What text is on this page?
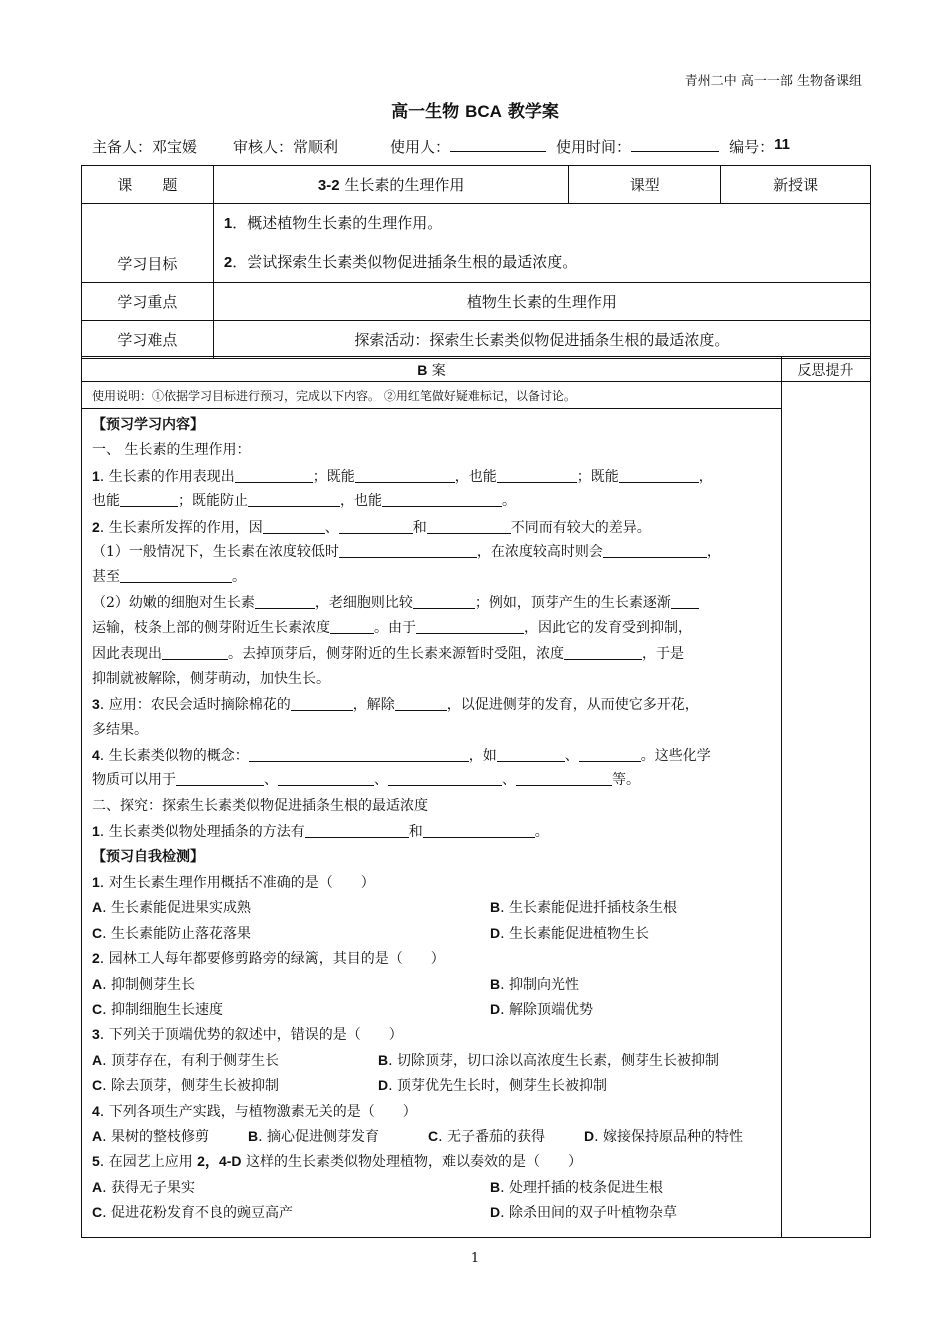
青州二中 高一一部 生物备课组
高一生物 BCA 教学案
主备人：邓宝媛 审核人：常顺利	使用人：	使用时间：	编号： 11
课　　题	3-2 生长素的生理作用	课型	新授课
学习目标	1．概述植物生长素的生理作用。
2．尝试探索生长素类似物促进插条生根的最适浓度。		

学习重点	植物生长素的生理作用		
学习难点	探索活动：探索生长素类似物促进插条生根的最适浓度。		
B 案	反思提升
使用说明：①依据学习目标进行预习，完成以下内容。 ②用红笔做好疑难标记，以备讨论。
【预习学习内容】
一、 生长素的生理作用：
1. 生长素的作用表现出	；既能	，也能	；既能	，
也能	；既能防止	，也能	。
2. 生长素所发挥的作用，因	、	和	不同而有较大的差异。
（1）一般情况下，生长素在浓度较低时	，在浓度较高时则会	，
甚至	。
（2）幼嫩的细胞对生长素	，老细胞则比较	；例如，顶芽产生的生长素逐渐
运输，枝条上部的侧芽附近生长素浓度	。由于	，因此它的发育受到抑制，
因此表现出	。去掉顶芽后，侧芽附近的生长素来源暂时受阻，浓度	，于是
抑制就被解除，侧芽萌动，加快生长。
3. 应用：农民会适时摘除棉花的	，解除	，以促进侧芽的发育，从而使它多开花，
多结果。
4. 生长素类似物的概念：	，如	、	。这些化学
物质可以用于	、	、	、	等。
二、探究：探索生长素类似物促进插条生根的最适浓度
1. 生长素类似物处理插条的方法有	和	。
【预习自我检测】
1. 对生长素生理作用概括不准确的是（　　）
A. 生长素能促进果实成熟	B. 生长素能促进扦插枝条生根
C. 生长素能防止落花落果	D. 生长素能促进植物生长
2. 园林工人每年都要修剪路旁的绿篱，其目的是（　　）
A. 抑制侧芽生长	B. 抑制向光性
C. 抑制细胞生长速度	D. 解除顶端优势
3. 下列关于顶端优势的叙述中，错误的是（　　）
A. 顶芽存在，有利于侧芽生长	B. 切除顶芽，切口涂以高浓度生长素，侧芽生长被抑制
C. 除去顶芽，侧芽生长被抑制	D. 顶芽优先生长时，侧芽生长被抑制
4. 下列各项生产实践，与植物激素无关的是（　　）
A. 果树的整枝修剪	B. 摘心促进侧芽发育	C. 无子番茄的获得	D. 嫁接保持原品种的特性
5. 在园艺上应用 2，4-D 这样的生长素类似物处理植物，难以奏效的是（　　）
A. 获得无子果实	B. 处理扦插的枝条促进生根
C. 促进花粉发育不良的豌豆高产	D. 除杀田间的双子叶植物杂草
1
